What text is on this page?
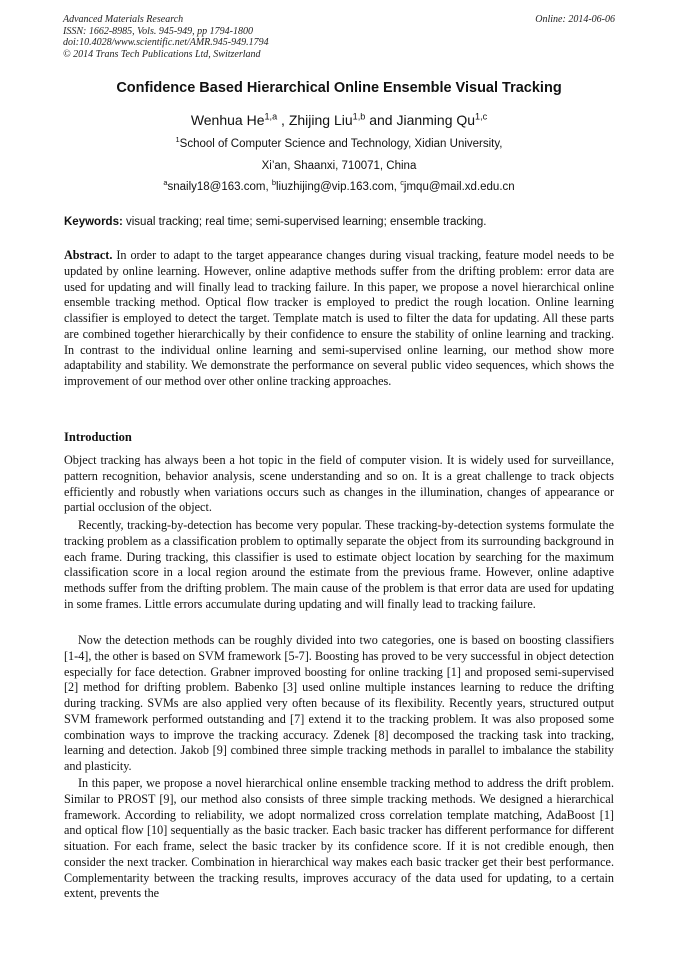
Advanced Materials Research
ISSN: 1662-8985, Vols. 945-949, pp 1794-1800
doi:10.4028/www.scientific.net/AMR.945-949.1794
© 2014 Trans Tech Publications Ltd, Switzerland
Online: 2014-06-06
Confidence Based Hierarchical Online Ensemble Visual Tracking
Wenhua He$^{1,a}$ , Zhijing Liu$^{1,b}$ and Jianming Qu$^{1,c}$
$^1$School of Computer Science and Technology, Xidian University,
Xi’an, Shaanxi, 710071, China
$^a$snaily18@163.com, $^b$liuzhijing@vip.163.com, $^c$jmqu@mail.xd.edu.cn
Keywords: visual tracking; real time; semi-supervised learning; ensemble tracking.

Abstract. In order to adapt to the target appearance changes during visual tracking, feature model needs to be updated by online learning. However, online adaptive methods suffer from the drifting problem: error data are used for updating and will finally lead to tracking failure. In this paper, we propose a novel hierarchical online ensemble tracking method. Optical flow tracker is employed to predict the rough location. Online learning classifier is employed to detect the target. Template match is used to filter the data for updating. All these parts are combined together hierarchically by their confidence to ensure the stability of online learning and tracking. In contrast to the individual online learning and semi-supervised online learning, our method show more adaptability and stability. We demonstrate the performance on several public video sequences, which shows the improvement of our method over other online tracking approaches.

Introduction

Object tracking has always been a hot topic in the field of computer vision. It is widely used for surveillance, pattern recognition, behavior analysis, scene understanding and so on. It is a great challenge to track objects efficiently and robustly when variations occurs such as changes in the illumination, changes of appearance or partial occlusion of the object.

Recently, tracking-by-detection has become very popular. These tracking-by-detection systems formulate the tracking problem as a classification problem to optimally separate the object from its surrounding background in each frame. During tracking, this classifier is used to estimate object location by searching for the maximum classification score in a local region around the estimate from the previous frame. However, online adaptive methods suffer from the drifting problem. The main cause of the problem is that error data are used for updating in some frames. Little errors accumulate during updating and will finally lead to tracking failure.

Now the detection methods can be roughly divided into two categories, one is based on boosting classifiers [1-4], the other is based on SVM framework [5-7]. Boosting has proved to be very successful in object detection especially for face detection. Grabner improved boosting for online tracking [1] and proposed semi-supervised [2] method for drifting problem. Babenko [3] used online multiple instances learning to reduce the drifting during tracking. SVMs are also applied very often because of its flexibility. Recently years, structured output SVM framework performed outstanding and [7] extend it to the tracking problem. It was also proposed some combination ways to improve the tracking accuracy. Zdenek [8] decomposed the tracking task into tracking, learning and detection. Jakob [9] combined three simple tracking methods in parallel to imbalance the stability and plasticity.

In this paper, we propose a novel hierarchical online ensemble tracking method to address the drift problem. Similar to PROST [9], our method also consists of three simple tracking methods. We designed a hierarchical framework. According to reliability, we adopt normalized cross correlation template matching, AdaBoost [1] and optical flow [10] sequentially as the basic tracker. Each basic tracker has different performance for different situation. For each frame, select the basic tracker by its confidence score. If it is not credible enough, then consider the next tracker. Combination in hierarchical way makes each basic tracker get their best performance. Complementarity between the tracking results, improves accuracy of the data used for updating, to a certain extent, prevents the
